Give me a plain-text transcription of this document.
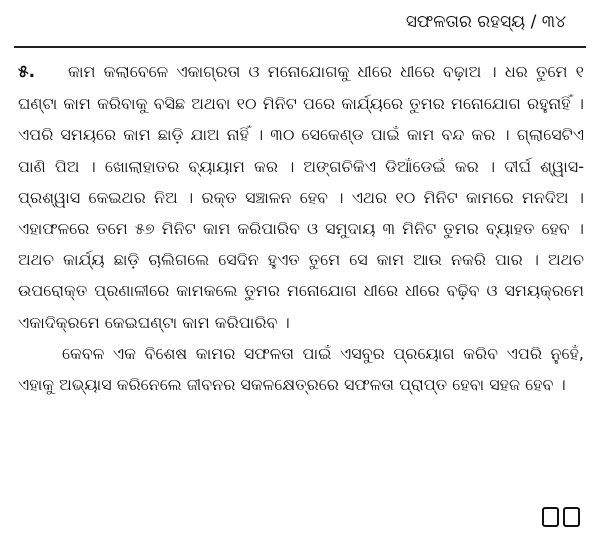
ସଫଳତାର ରହସ୍ୟ / ୩୪

୫. କାମ କଲାବେଳେ ଏକାଗ୍ରତା ଓ ମନୋଯୋଗକୁ ଧୀରେ ଧୀରେ ବଢ଼ାଅ । ଧର ତୁମେ ୧ ଘଣ୍ଟା କାମ କରିବାକୁ ବସିଛ ଅଥବା ୧୦ ମିନିଟ ପରେ କାର୍ଯ୍ୟରେ ତୁମର ମନୋଯୋଗ ରହୁନାହିଁ । ଏପରି ସମୟରେ କାମ ଛାଡ଼ି ଯାଅ ନାହିଁ । ୩୦ ସେକେଣ୍ଡ ପାଇଁ କାମ ବନ୍ଦ କର । ଗ୍ଲାସେଟିଏ ପାଣି ପିଅ । ଖୋଲାହାତର ବ୍ୟାୟାମ କର । ଅଙ୍ଗଚିକିଏ ଡିଆଁଡେଇଁ କର । ଦୀର୍ଘ ଶ୍ୱାସ-ପ୍ରଶ୍ୱାସ କେଇଥର ନିଅ । ରକ୍ତ ସଞ୍ଚାଳନ ହେବ । ଏଥର ୧୦ ମିନିଟ କାମରେ ମନଦିଅ । ଏହାଫଳରେ ତମେ ୫୭ ମିନିଟ କାମ କରିପାରିବ ଓ ସମୁଦାୟ ୩ ମିନିଟ ତୁମର ବ୍ୟାହତ ହେବ । ଅଥଚ କାର୍ଯ୍ୟ ଛାଡ଼ି ଚାଲିଗଲେ ସେଦିନ ହୁଏତ ତୁମେ ସେ କାମ ଆଉ ନକରି ପାର । ଅଥଚ ଉପରୋକ୍ତ ପ୍ରଣାଳୀରେ କାମକଲେ ତୁମର ମନୋଯୋଗ ଧୀରେ ଧୀରେ ବଢ଼ିବ ଓ ସମୟକ୍ରମେ ଏକାଦିକ୍ରମେ କେଇଘଣ୍ଟା କାମ କରିପାରିବ ।

କେବଳ ଏକ ବିଶେଷ କାମର ସଫଳତା ପାଇଁ ଏସବୁର ପ୍ରୟୋଗ କରିବ ଏପରି ନୁହେଁ, ଏହାକୁ ଅଭ୍ୟାସ କରିନେଲେ ଜୀବନର ସକଳକ୍ଷେତ୍ରରେ ସଫଳତା ପ୍ରାପ୍ତ ହେବା ସହଜ ହେବ ।
